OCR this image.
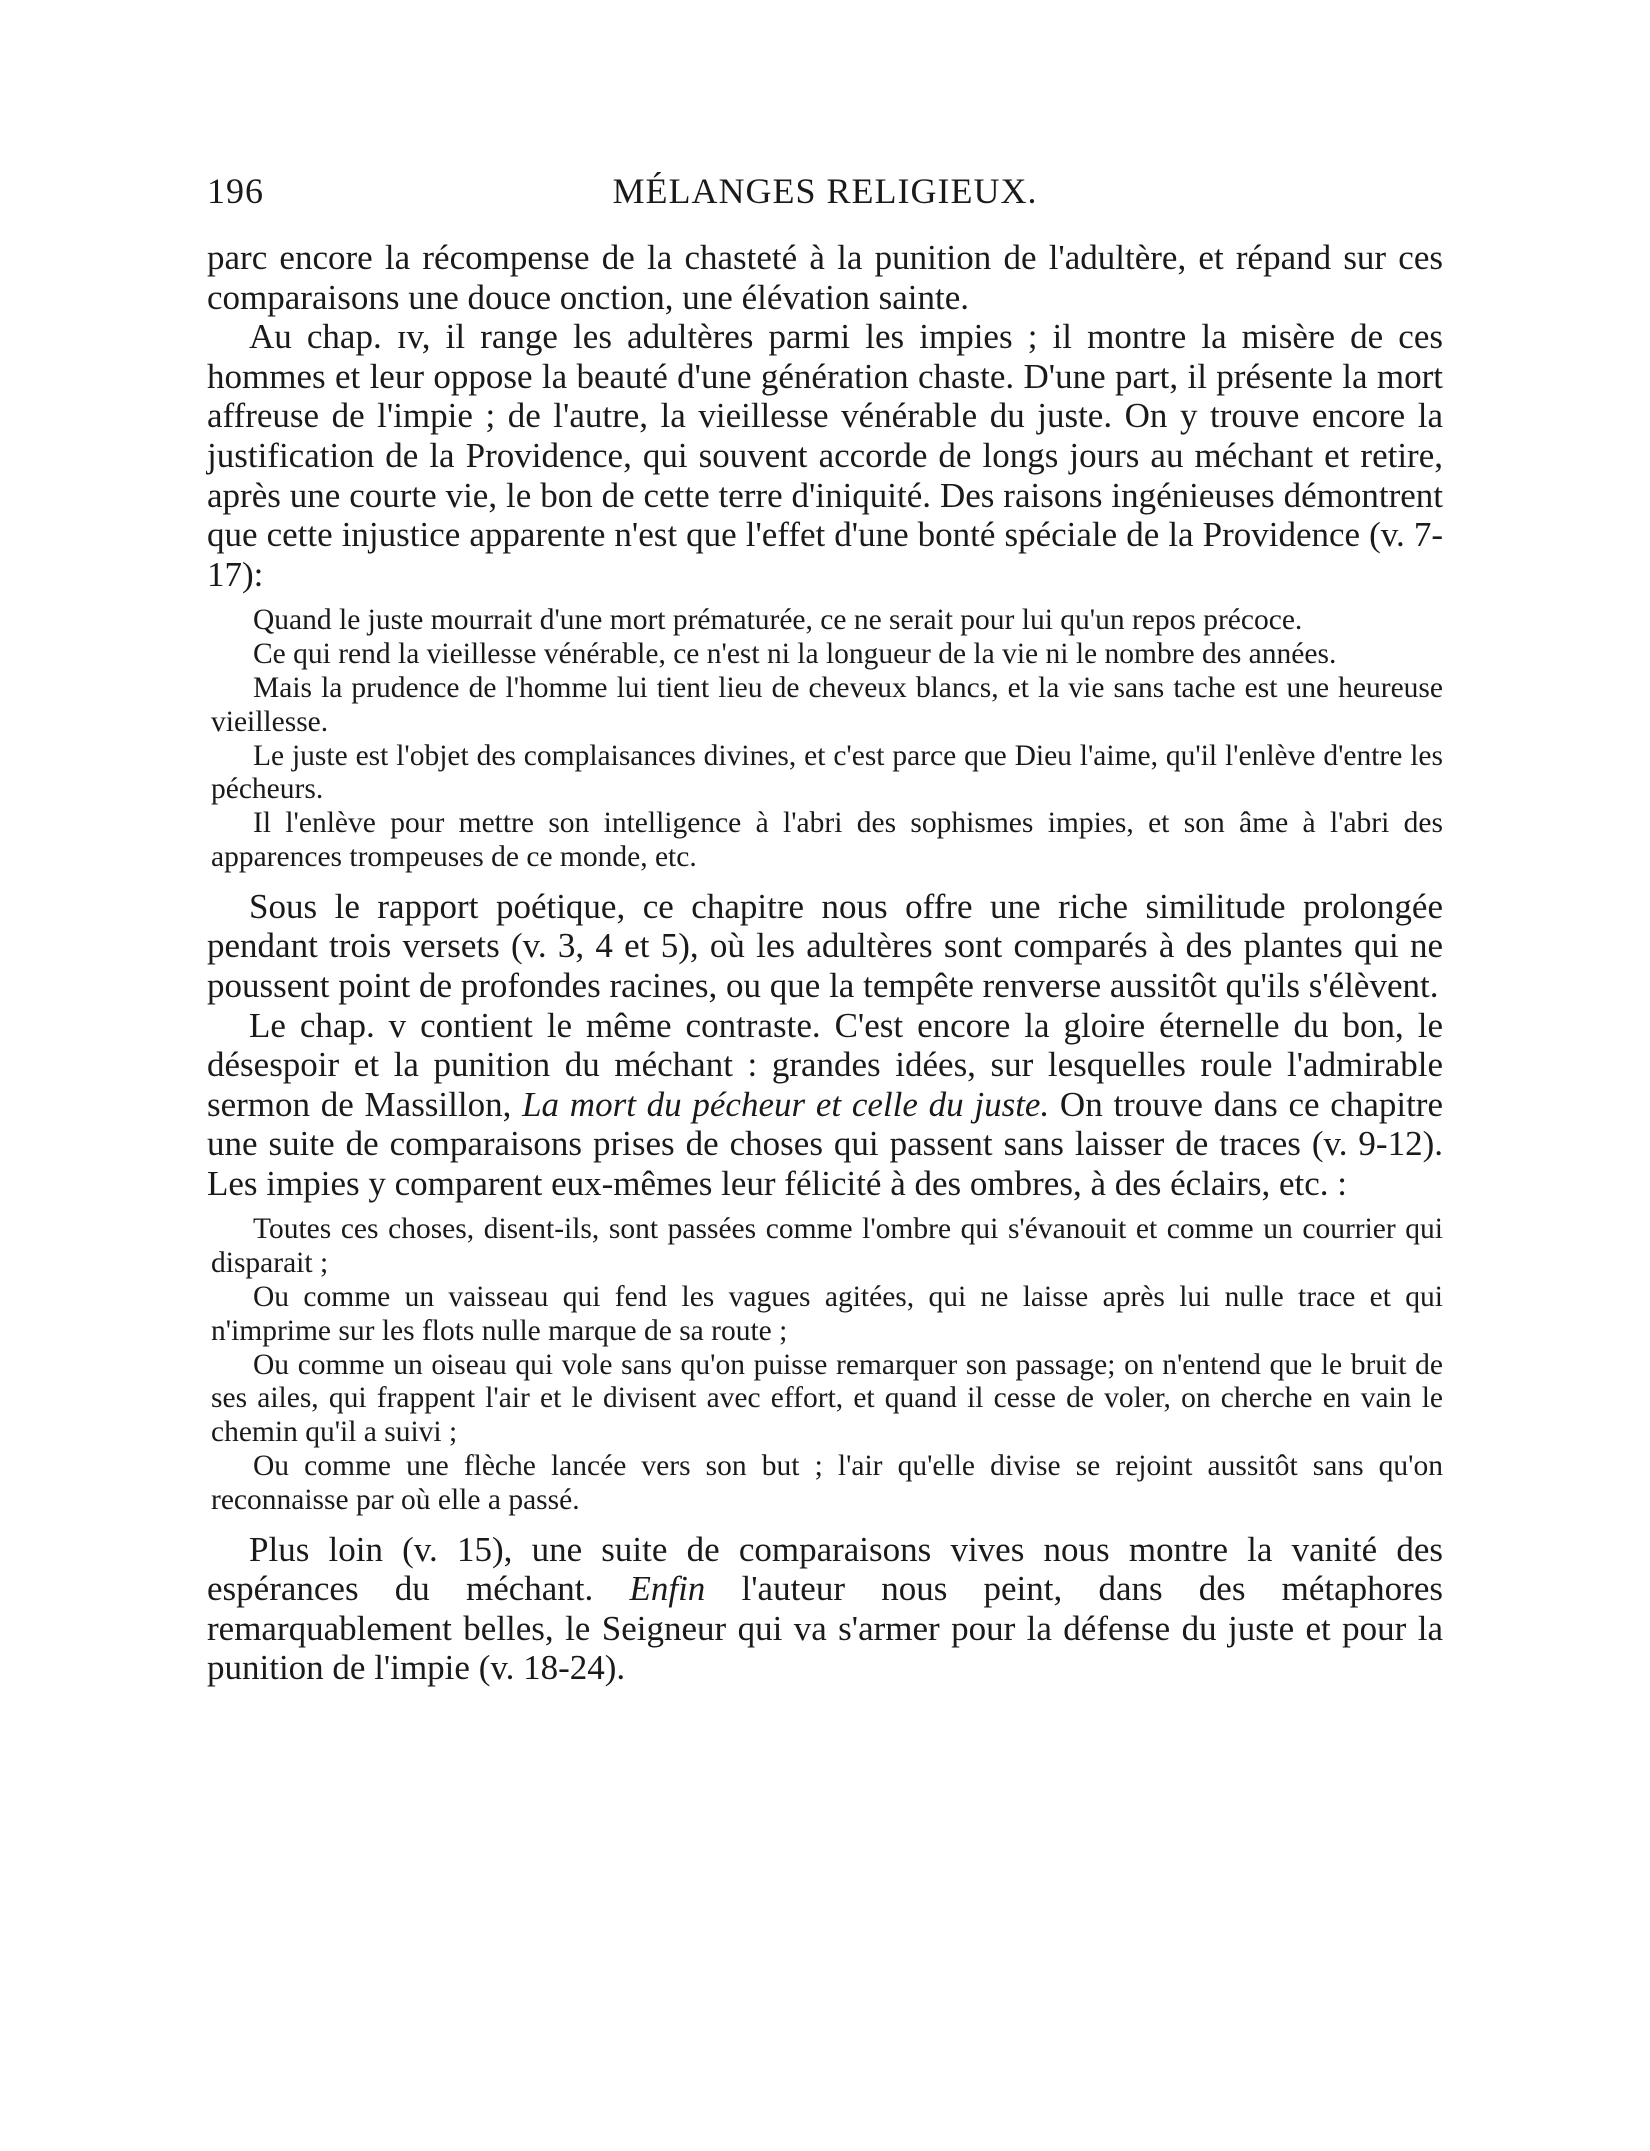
196	MÉLANGES RELIGIEUX.

parc encore la récompense de la chasteté à la punition de l'adultère, et répand sur ces comparaisons une douce onction, une élévation sainte.

Au chap. ɪv, il range les adultères parmi les impies ; il montre la misère de ces hommes et leur oppose la beauté d'une génération chaste. D'une part, il présente la mort affreuse de l'impie ; de l'autre, la vieillesse vénérable du juste. On y trouve encore la justification de la Providence, qui souvent accorde de longs jours au méchant et retire, après une courte vie, le bon de cette terre d'iniquité. Des raisons ingénieuses démontrent que cette injustice apparente n'est que l'effet d'une bonté spéciale de la Providence (v. 7-17):

Quand le juste mourrait d'une mort prématurée, ce ne serait pour lui qu'un repos précoce.

Ce qui rend la vieillesse vénérable, ce n'est ni la longueur de la vie ni le nombre des années.

Mais la prudence de l'homme lui tient lieu de cheveux blancs, et la vie sans tache est une heureuse vieillesse.

Le juste est l'objet des complaisances divines, et c'est parce que Dieu l'aime, qu'il l'enlève d'entre les pécheurs.

Il l'enlève pour mettre son intelligence à l'abri des sophismes impies, et son âme à l'abri des apparences trompeuses de ce monde, etc.

Sous le rapport poétique, ce chapitre nous offre une riche similitude prolongée pendant trois versets (v. 3, 4 et 5), où les adultères sont comparés à des plantes qui ne poussent point de profondes racines, ou que la tempête renverse aussitôt qu'ils s'élèvent.

Le chap. v contient le même contraste. C'est encore la gloire éternelle du bon, le désespoir et la punition du méchant : grandes idées, sur lesquelles roule l'admirable sermon de Massillon, La mort du pécheur et celle du juste. On trouve dans ce chapitre une suite de comparaisons prises de choses qui passent sans laisser de traces (v. 9-12). Les impies y comparent eux-mêmes leur félicité à des ombres, à des éclairs, etc. :

Toutes ces choses, disent-ils, sont passées comme l'ombre qui s'évanouit et comme un courrier qui disparait ;

Ou comme un vaisseau qui fend les vagues agitées, qui ne laisse après lui nulle trace et qui n'imprime sur les flots nulle marque de sa route ;

Ou comme un oiseau qui vole sans qu'on puisse remarquer son passage; on n'entend que le bruit de ses ailes, qui frappent l'air et le divisent avec effort, et quand il cesse de voler, on cherche en vain le chemin qu'il a suivi ;

Ou comme une flèche lancée vers son but ; l'air qu'elle divise se rejoint aussitôt sans qu'on reconnaisse par où elle a passé.

Plus loin (v. 15), une suite de comparaisons vives nous montre la vanité des espérances du méchant. Enfin l'auteur nous peint, dans des métaphores remarquablement belles, le Seigneur qui va s'armer pour la défense du juste et pour la punition de l'impie (v. 18-24).
